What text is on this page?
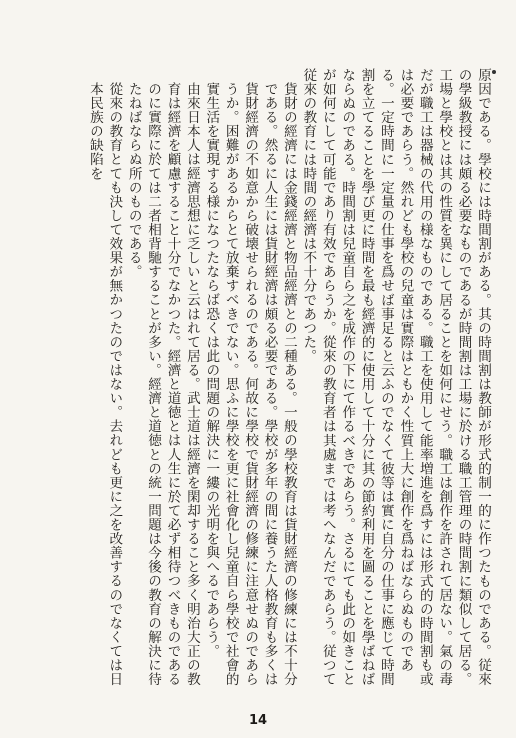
原因である。學校には時間割がある。其の時間割は教師が形式的制一的に作つたものである。従來の學級教授には頗る必要なものであるが時間割は工場に於ける職工管理の時間割に類似して居る。工場と學校とは其の性質を異にして居ることを如何にせう。職工は創作を許されて居ない。氣の毒だが職工は器械の代用の様なものである。職工を使用して能率増進を爲すには形式的の時間割も或は必要であらう。然れども學校の兒童は實際はともかく性質上大に創作を爲ねばならぬものである。一定時間に一定量の仕事を爲せば事足ると云ふのでなくて彼等は實に自分の仕事に應じて時間割を立てることを學び更に時間を最も經濟的に使用して十分に其の節約利用を圖ることを學ばねばならぬのである。時間割は兒童自ら之を成作の下にて作るべきであらう。さるにても此の如きことが如何にして可能であり有效であらうか。從來の教育者は其處までは考へなんだであらう。従つて従來の教育には時間の經濟は不十分であつた。

貨財の經濟には金錢經濟と物品經濟との二種ある。一般の學校教育は貨財經濟の修練には不十分である。然るに人生には貨財經濟は頗る必要である。學校が多年の間に養うた人格教育も多くは貨財經濟の不如意から破壊せられるのである。何故に學校で貨財經濟の修練に注意せぬのであらうか。困難があるからとて放棄すべきでない。思ふに學校を更に社會化し兒童自ら學校で社會的實生活を實現する様になつたならば恐くは此の問題の解決に一縷の光明を與へるであらう。

由來日本人は經濟思想に乏しいと云はれて居る。武士道は經濟を閑却すること多く明治大正の教育は經濟を顧慮すること十分でなかつた。經濟と道徳とは人生に於て必ず相待つべきものであるのに實際に於ては二者相背馳することが多い。經濟と道徳との統一問題は今後の教育の解決に待たねばならぬ所のものである。

從來の教育とても決して效果が無かつたのではない。去れども更に之を改善するのでなくては日本民族の缺陷を

14
